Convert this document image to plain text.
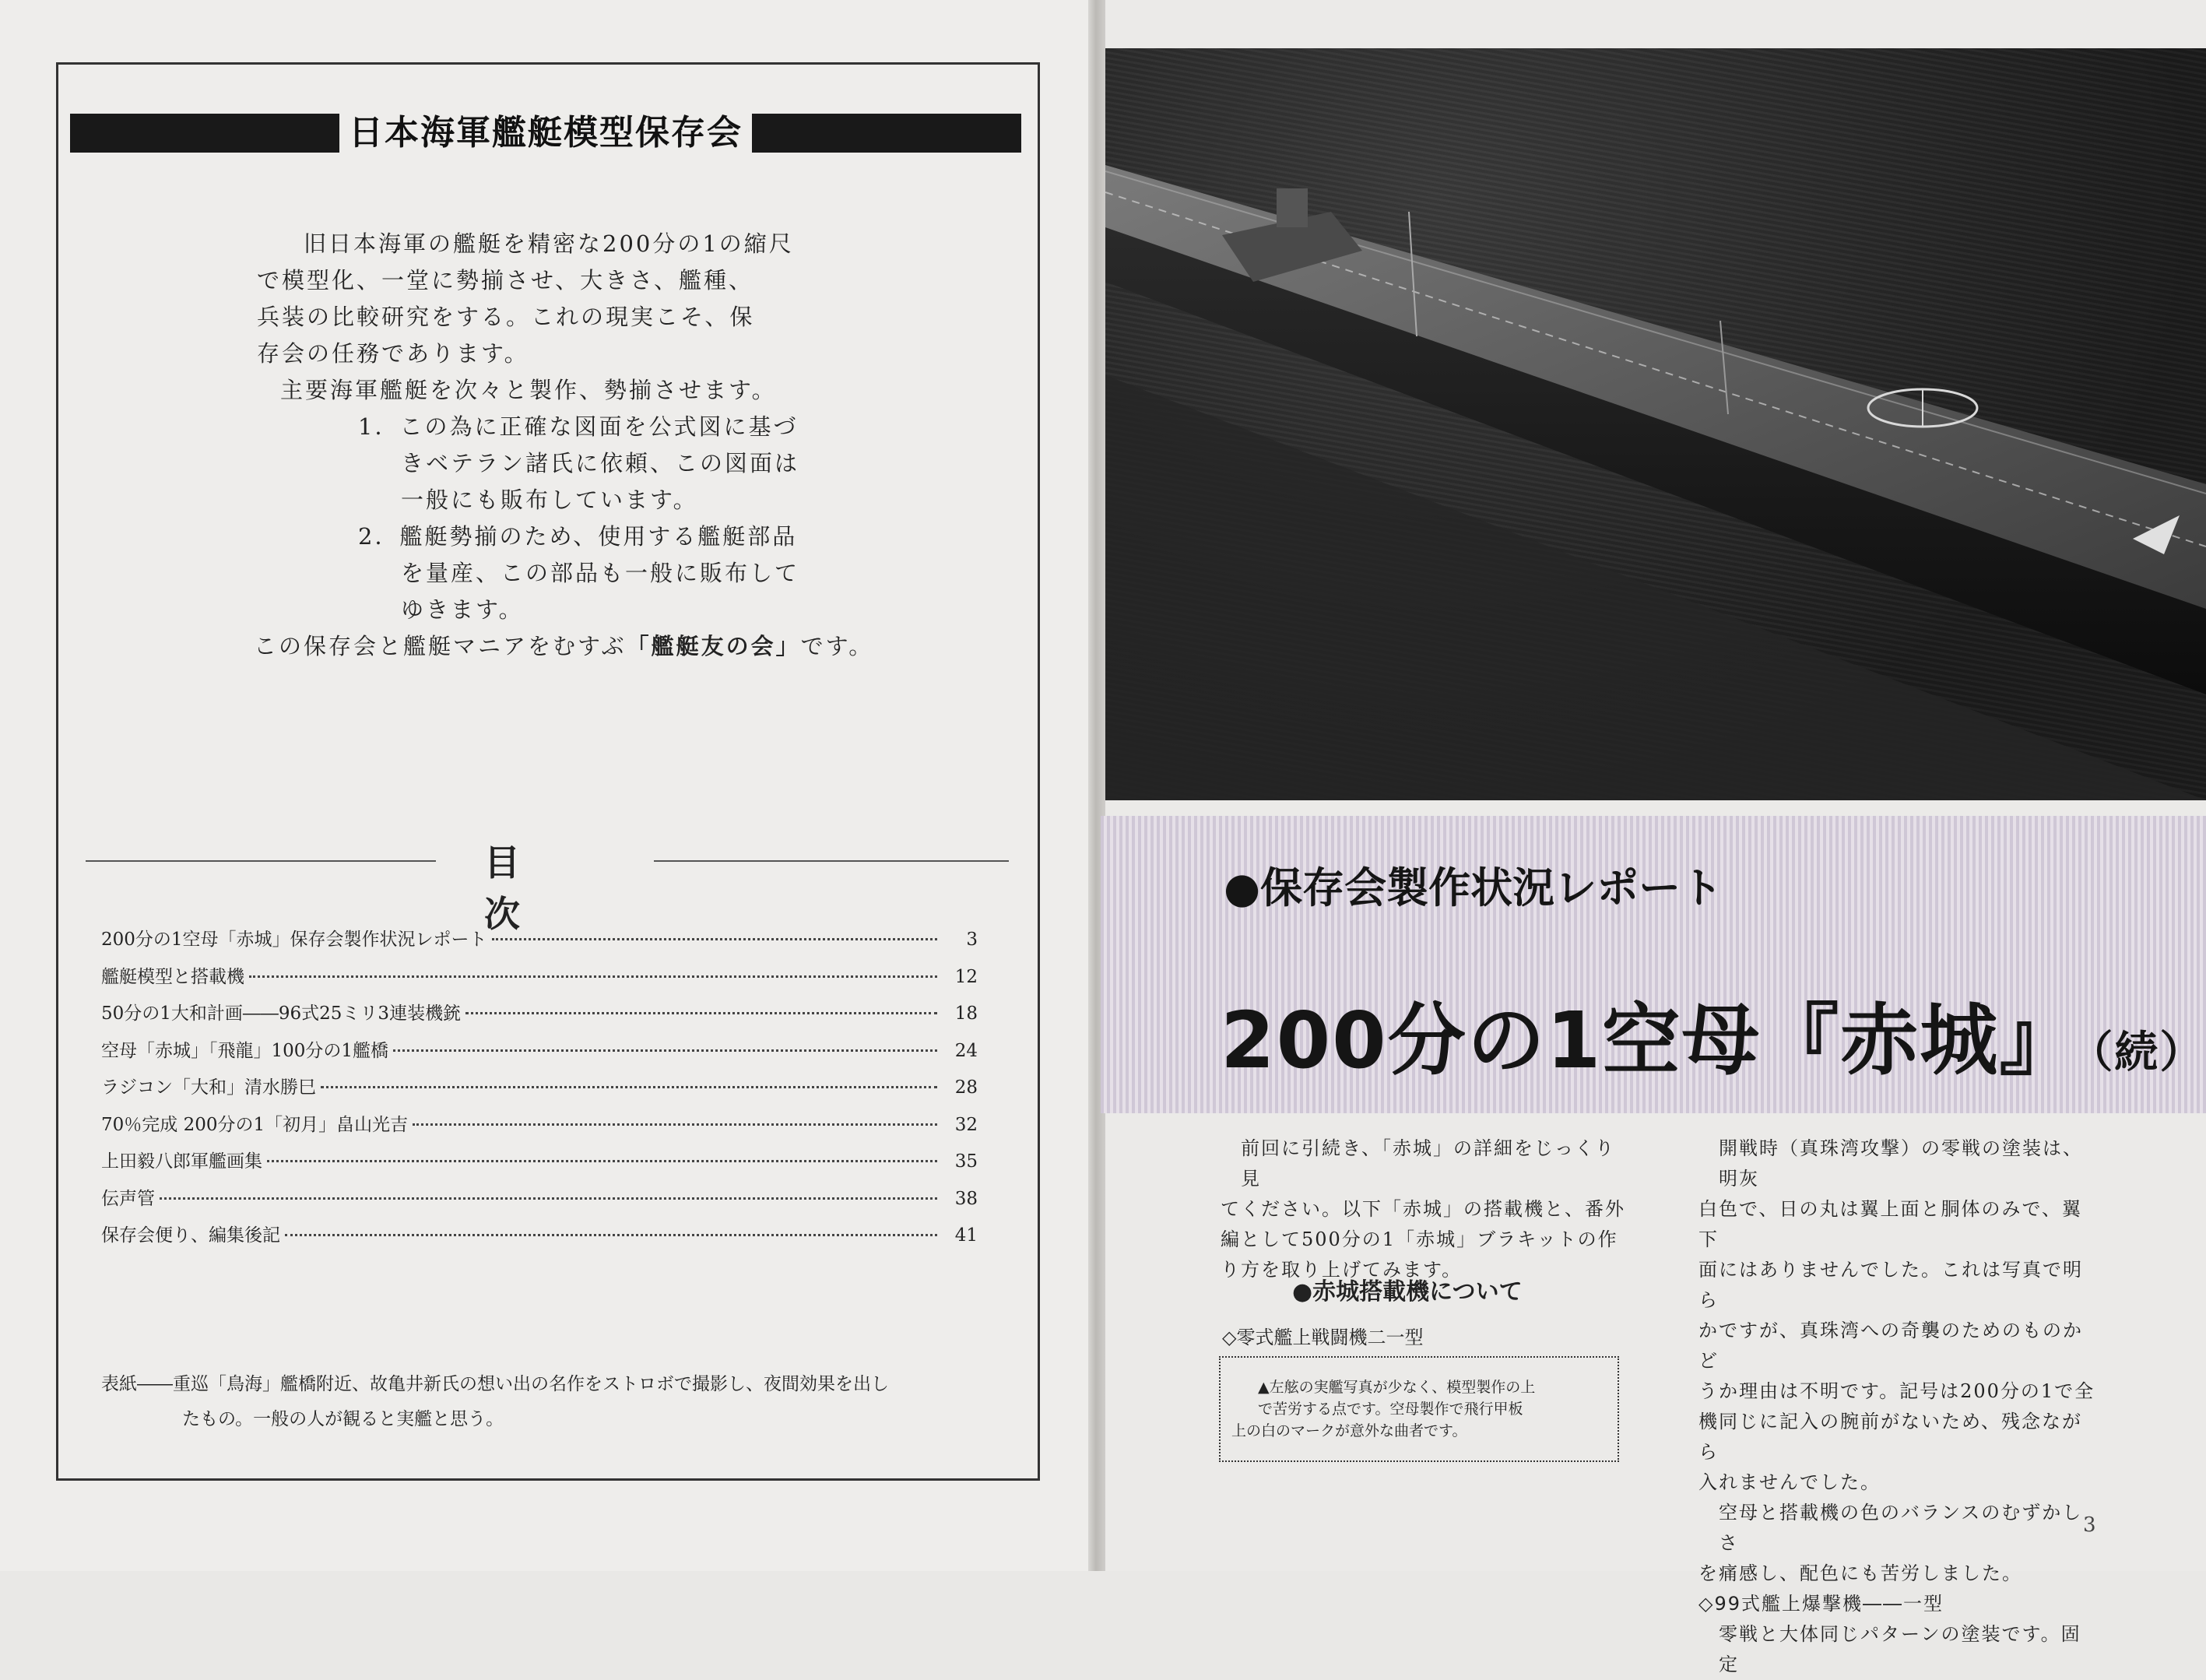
日本海軍艦艇模型保存会

旧日本海軍の艦艇を精密な200分の1の縮尺

で模型化、一堂に勢揃させ、大きさ、艦種、

兵装の比較研究をする。これの現実こそ、保

存会の任務であります。

主要海軍艦艇を次々と製作、勢揃させます。

1．この為に正確な図面を公式図に基づ

きベテラン諸氏に依頼、この図面は

一般にも販布しています。

2．艦艇勢揃のため、使用する艦艇部品

を量産、この部品も一般に販布して

ゆきます。

この保存会と艦艇マニアをむすぶ「艦艇友の会」です。

目次
200分の1空母「赤城」保存会製作状況レポート	3
艦艇模型と搭載機	12
50分の1大和計画――96式25ミリ3連装機銃	18
空母「赤城」「飛龍」100分の1艦橋	24
ラジコン「大和」清水勝巳	28
70％完成 200分の1「初月」畠山光吉	32
上田毅八郎軍艦画集	35
伝声管	38
保存会便り、編集後記	41
表紙――重巡「鳥海」艦橋附近、故亀井新氏の想い出の名作をストロボで撮影し、夜間効果を出し
たもの。一般の人が観ると実艦と思う。
●保存会製作状況レポート
200分の1空母『赤城』 （続）

前回に引続き、「赤城」の詳細をじっくり見

てください。以下「赤城」の搭載機と、番外

編として500分の1「赤城」ブラキットの作

り方を取り上げてみます。

●赤城搭載機について
◇零式艦上戦闘機二一型
▲左舷の実艦写真が少なく、模型製作の上
で苦労する点です。空母製作で飛行甲板
上の白のマークが意外な曲者です。

開戦時（真珠湾攻撃）の零戦の塗装は、明灰

白色で、日の丸は翼上面と胴体のみで、翼下

面にはありませんでした。これは写真で明ら

かですが、真珠湾への奇襲のためのものかど

うか理由は不明です。記号は200分の1で全

機同じに記入の腕前がないため、残念ながら

入れませんでした。

空母と搭載機の色のバランスのむずかしさ

を痛感し、配色にも苦労しました。

◇99式艦上爆撃機――一型

零戦と大体同じパターンの塗装です。固定

3
